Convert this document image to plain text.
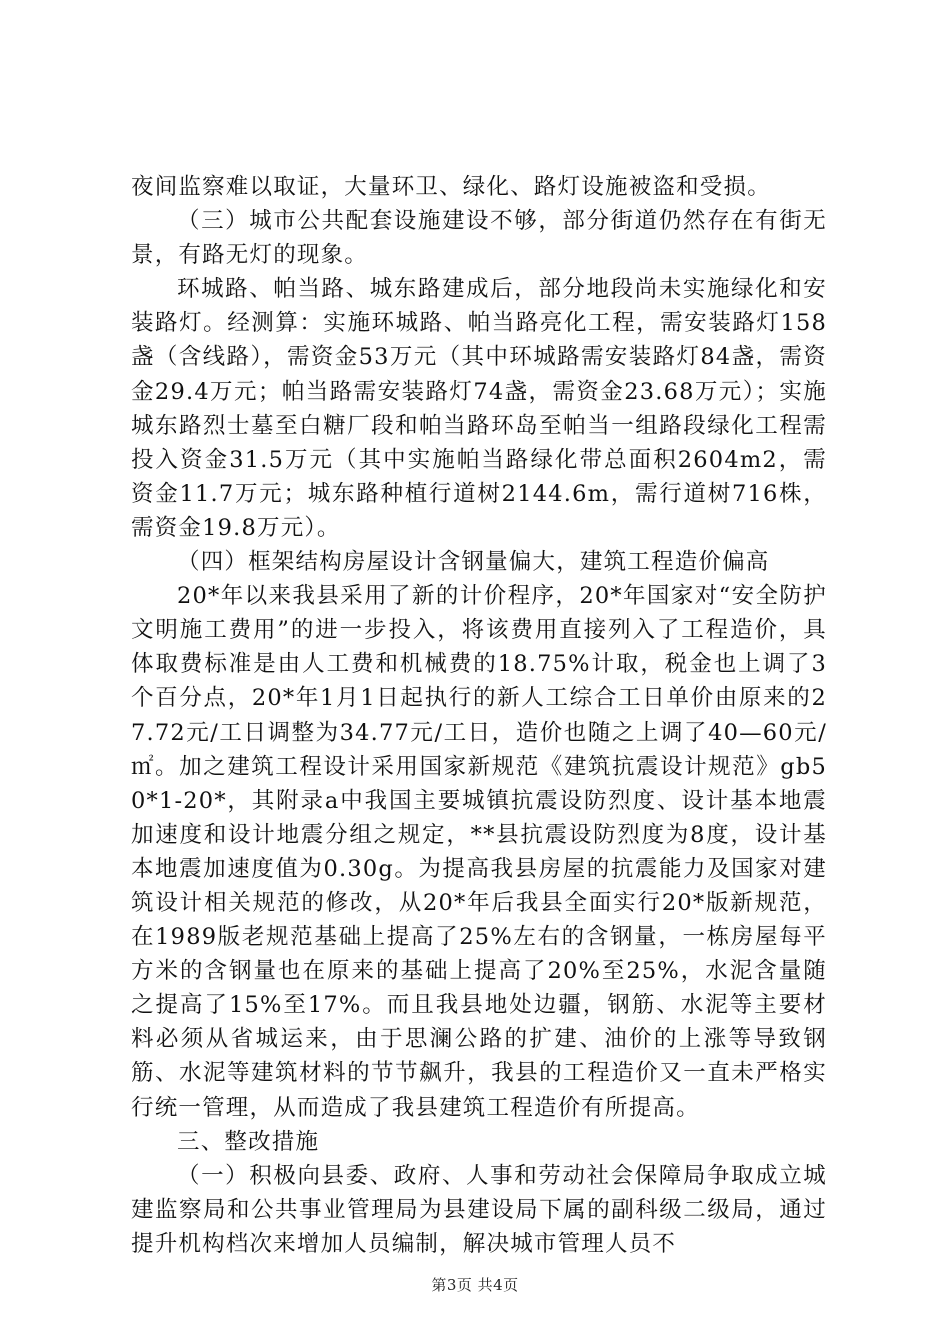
夜间监察难以取证，大量环卫、绿化、路灯设施被盗和受损。

（三）城市公共配套设施建设不够，部分街道仍然存在有街无景，有路无灯的现象。

环城路、帕当路、城东路建成后，部分地段尚未实施绿化和安装路灯。经测算：实施环城路、帕当路亮化工程，需安装路灯158盏（含线路），需资金53万元（其中环城路需安装路灯84盏，需资金29.4万元；帕当路需安装路灯74盏，需资金23.68万元）；实施城东路烈士墓至白糖厂段和帕当路环岛至帕当一组路段绿化工程需投入资金31.5万元（其中实施帕当路绿化带总面积2604m2，需资金11.7万元；城东路种植行道树2144.6m，需行道树716株，需资金19.8万元）。

（四）框架结构房屋设计含钢量偏大，建筑工程造价偏高

20*年以来我县采用了新的计价程序，20*年国家对“安全防护文明施工费用”的进一步投入，将该费用直接列入了工程造价，具体取费标准是由人工费和机械费的18.75%计取，税金也上调了3个百分点，20*年1月1日起执行的新人工综合工日单价由原来的27.72元/工日调整为34.77元/工日，造价也随之上调了40—60元/㎡。加之建筑工程设计采用国家新规范《建筑抗震设计规范》gb50*1-20*，其附录a中我国主要城镇抗震设防烈度、设计基本地震加速度和设计地震分组之规定，**县抗震设防烈度为8度，设计基本地震加速度值为0.30g。为提高我县房屋的抗震能力及国家对建筑设计相关规范的修改，从20*年后我县全面实行20*版新规范，在1989版老规范基础上提高了25%左右的含钢量，一栋房屋每平方米的含钢量也在原来的基础上提高了20%至25%，水泥含量随之提高了15%至17%。而且我县地处边疆，钢筋、水泥等主要材料必须从省城运来，由于思澜公路的扩建、油价的上涨等导致钢筋、水泥等建筑材料的节节飙升，我县的工程造价又一直未严格实行统一管理，从而造成了我县建筑工程造价有所提高。

三、整改措施

（一）积极向县委、政府、人事和劳动社会保障局争取成立城建监察局和公共事业管理局为县建设局下属的副科级二级局，通过提升机构档次来增加人员编制，解决城市管理人员不

第3页 共4页
